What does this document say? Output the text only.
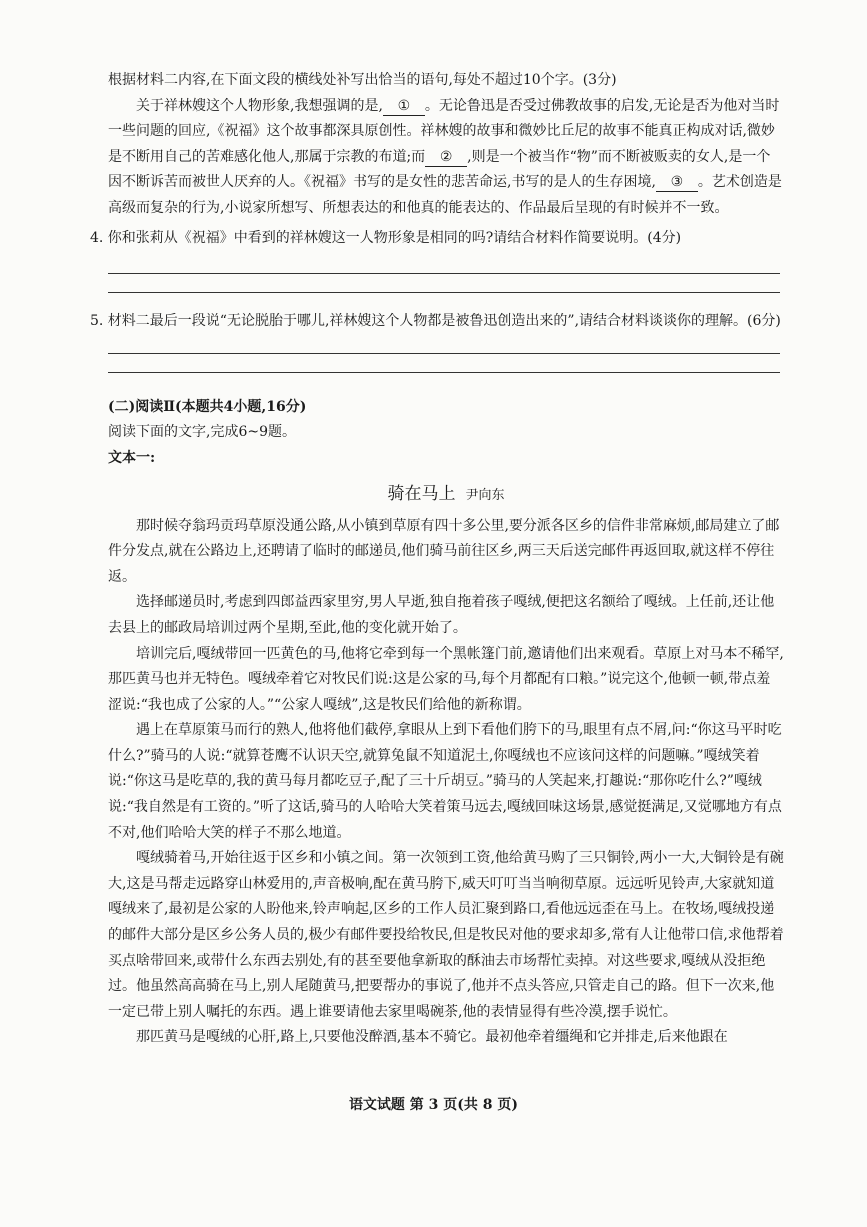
根据材料二内容,在下面文段的横线处补写出恰当的语句,每处不超过10个字。(3分)

关于祥林嫂这个人物形象,我想强调的是, ① 。无论鲁迅是否受过佛教故事的启发,无论是否为他对当时一些问题的回应,《祝福》这个故事都深具原创性。祥林嫂的故事和微妙比丘尼的故事不能真正构成对话,微妙是不断用自己的苦难感化他人,那属于宗教的布道;而 ② ,则是一个被当作“物”而不断被贩卖的女人,是一个因不断诉苦而被世人厌弃的人。《祝福》书写的是女性的悲苦命运,书写的是人的生存困境, ③ 。艺术创造是高级而复杂的行为,小说家所想写、所想表达的和他真的能表达的、作品最后呈现的有时候并不一致。

4. 你和张莉从《祝福》中看到的祥林嫂这一人物形象是相同的吗?请结合材料作简要说明。(4分)

5. 材料二最后一段说“无论脱胎于哪儿,祥林嫂这个人物都是被鲁迅创造出来的”,请结合材料谈谈你的理解。(6分)

(二)阅读Ⅱ(本题共4小题,16分)

阅读下面的文字,完成6~9题。

文本一:

骑在马上 尹向东

那时候夺翁玛贡玛草原没通公路,从小镇到草原有四十多公里,要分派各区乡的信件非常麻烦,邮局建立了邮件分发点,就在公路边上,还聘请了临时的邮递员,他们骑马前往区乡,两三天后送完邮件再返回取,就这样不停往返。

选择邮递员时,考虑到四郎益西家里穷,男人早逝,独自拖着孩子嘎绒,便把这名额给了嘎绒。上任前,还让他去县上的邮政局培训过两个星期,至此,他的变化就开始了。

培训完后,嘎绒带回一匹黄色的马,他将它牵到每一个黑帐篷门前,邀请他们出来观看。草原上对马本不稀罕,那匹黄马也并无特色。嘎绒牵着它对牧民们说:这是公家的马,每个月都配有口粮。”说完这个,他顿一顿,带点羞涩说:“我也成了公家的人。”“公家人嘎绒”,这是牧民们给他的新称谓。

遇上在草原策马而行的熟人,他将他们截停,拿眼从上到下看他们胯下的马,眼里有点不屑,问:“你这马平时吃什么?”骑马的人说:“就算苍鹰不认识天空,就算兔鼠不知道泥土,你嘎绒也不应该问这样的问题嘛。”嘎绒笑着说:“你这马是吃草的,我的黄马每月都吃豆子,配了三十斤胡豆。”骑马的人笑起来,打趣说:“那你吃什么?”嘎绒说:“我自然是有工资的。”听了这话,骑马的人哈哈大笑着策马远去,嘎绒回味这场景,感觉挺满足,又觉哪地方有点不对,他们哈哈大笑的样子不那么地道。

嘎绒骑着马,开始往返于区乡和小镇之间。第一次领到工资,他给黄马购了三只铜铃,两小一大,大铜铃是有碗大,这是马帮走远路穿山林爱用的,声音极响,配在黄马胯下,威天叮叮当当响彻草原。远远听见铃声,大家就知道嘎绒来了,最初是公家的人盼他来,铃声响起,区乡的工作人员汇聚到路口,看他远远歪在马上。在牧场,嘎绒投递的邮件大部分是区乡公务人员的,极少有邮件要投给牧民,但是牧民对他的要求却多,常有人让他带口信,求他帮着买点啥带回来,或带什么东西去别处,有的甚至要他拿新取的酥油去市场帮忙卖掉。对这些要求,嘎绒从没拒绝过。他虽然高高骑在马上,别人尾随黄马,把要帮办的事说了,他并不点头答应,只管走自己的路。但下一次来,他一定已带上别人嘱托的东西。遇上谁要请他去家里喝碗茶,他的表情显得有些冷漠,摆手说忙。

那匹黄马是嘎绒的心肝,路上,只要他没醉酒,基本不骑它。最初他牵着缰绳和它并排走,后来他跟在

语文试题 第 3 页(共 8 页)
